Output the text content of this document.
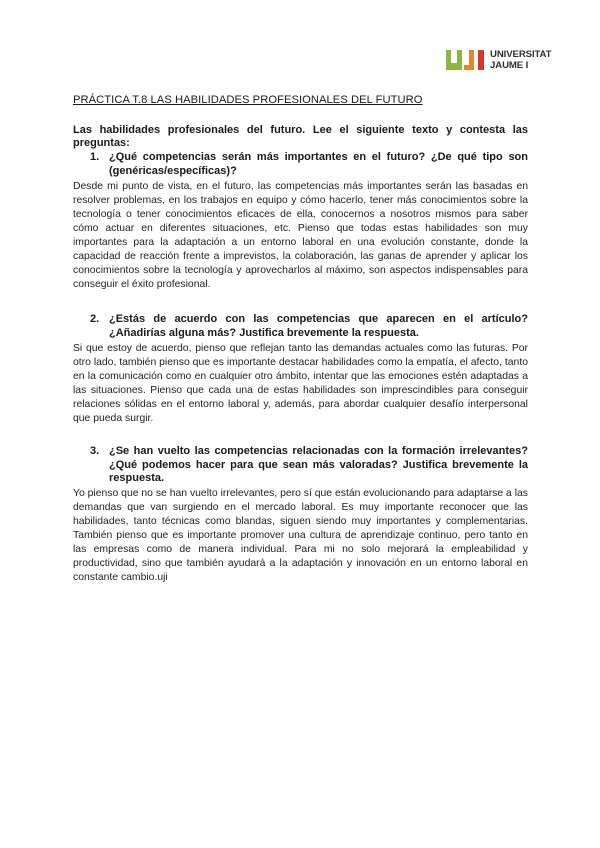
UNIVERSITAT
JAUME I
PRÁCTICA T.8 LAS HABILIDADES PROFESIONALES DEL FUTURO
Las habilidades profesionales del futuro. Lee el siguiente texto y contesta las preguntas:
1. ¿Qué competencias serán más importantes en el futuro? ¿De qué tipo son (genéricas/específicas)?
Desde mi punto de vista, en el futuro, las competencias más importantes serán las basadas en resolver problemas, en los trabajos en equipo y cómo hacerlo, tener más conocimientos sobre la tecnología o tener conocimientos eficaces de ella, conocernos a nosotros mismos para saber cómo actuar en diferentes situaciones, etc. Pienso que todas estas habilidades son muy importantes para la adaptación a un entorno laboral en una evolución constante, donde la capacidad de reacción frente a imprevistos, la colaboración, las ganas de aprender y aplicar los conocimientos sobre la tecnología y aprovecharlos al máximo, son aspectos indispensables para conseguir el éxito profesional.
2. ¿Estás de acuerdo con las competencias que aparecen en el artículo? ¿Añadirías alguna más? Justifica brevemente la respuesta.
Si que estoy de acuerdo, pienso que reflejan tanto las demandas actuales como las futuras. Por otro lado, también pienso que es importante destacar habilidades como la empatía, el afecto, tanto en la comunicación como en cualquier otro ámbito, intentar que las emociones estén adaptadas a las situaciones. Pienso que cada una de estas habilidades son imprescindibles para conseguir relaciones sólidas en el entorno laboral y, además, para abordar cualquier desafío interpersonal que pueda surgir.
3. ¿Se han vuelto las competencias relacionadas con la formación irrelevantes? ¿Qué podemos hacer para que sean más valoradas? Justifica brevemente la respuesta.
Yo pienso que no se han vuelto irrelevantes, pero sí que están evolucionando para adaptarse a las demandas que van surgiendo en el mercado laboral. Es muy importante reconocer que las habilidades, tanto técnicas como blandas, siguen siendo muy importantes y complementarias. También pienso que es importante promover una cultura de aprendizaje continuo, pero tanto en las empresas como de manera individual. Para mi no solo mejorará la empleabilidad y productividad, sino que también ayudará a la adaptación y innovación en un entorno laboral en constante cambio.uji
